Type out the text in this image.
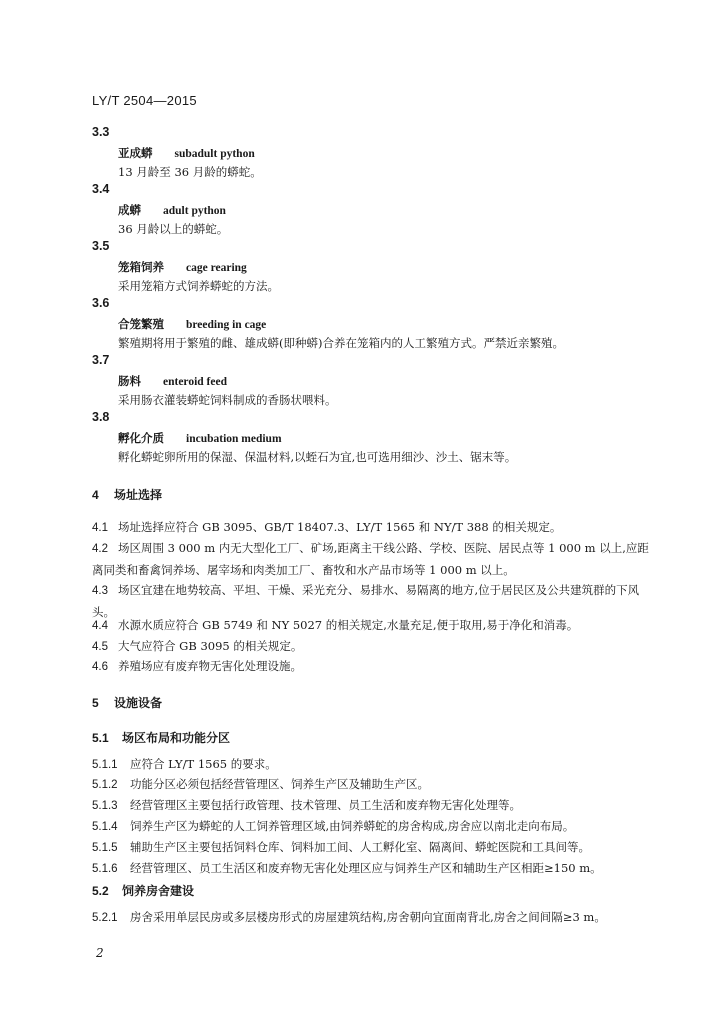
LY/T 2504—2015
3.3
亚成蟒 subadult python
13 月龄至 36 月龄的蟒蛇。
3.4
成蟒 adult python
36 月龄以上的蟒蛇。
3.5
笼箱饲养 cage rearing
采用笼箱方式饲养蟒蛇的方法。
3.6
合笼繁殖 breeding in cage
繁殖期将用于繁殖的雌、雄成蟒(即种蟒)合养在笼箱内的人工繁殖方式。严禁近亲繁殖。
3.7
肠料 enteroid feed
采用肠衣灌装蟒蛇饲料制成的香肠状喂料。
3.8
孵化介质 incubation medium
孵化蟒蛇卵所用的保湿、保温材料,以蛭石为宜,也可选用细沙、沙土、锯末等。
4 场址选择
4.1 场址选择应符合 GB 3095、GB/T 18407.3、LY/T 1565 和 NY/T 388 的相关规定。
4.2 场区周围 3 000 m 内无大型化工厂、矿场,距离主干线公路、学校、医院、居民点等 1 000 m 以上,应距离同类和畜禽饲养场、屠宰场和肉类加工厂、畜牧和水产品市场等 1 000 m 以上。
4.3 场区宜建在地势较高、平坦、干燥、采光充分、易排水、易隔离的地方,位于居民区及公共建筑群的下风头。
4.4 水源水质应符合 GB 5749 和 NY 5027 的相关规定,水量充足,便于取用,易于净化和消毒。
4.5 大气应符合 GB 3095 的相关规定。
4.6 养殖场应有废弃物无害化处理设施。
5 设施设备
5.1 场区布局和功能分区
5.1.1 应符合 LY/T 1565 的要求。
5.1.2 功能分区必须包括经营管理区、饲养生产区及辅助生产区。
5.1.3 经营管理区主要包括行政管理、技术管理、员工生活和废弃物无害化处理等。
5.1.4 饲养生产区为蟒蛇的人工饲养管理区域,由饲养蟒蛇的房舍构成,房舍应以南北走向布局。
5.1.5 辅助生产区主要包括饲料仓库、饲料加工间、人工孵化室、隔离间、蟒蛇医院和工具间等。
5.1.6 经营管理区、员工生活区和废弃物无害化处理区应与饲养生产区和辅助生产区相距≥150 m。
5.2 饲养房舍建设
5.2.1 房舍采用单层民房或多层楼房形式的房屋建筑结构,房舍朝向宜面南背北,房舍之间间隔≥3 m。
2
